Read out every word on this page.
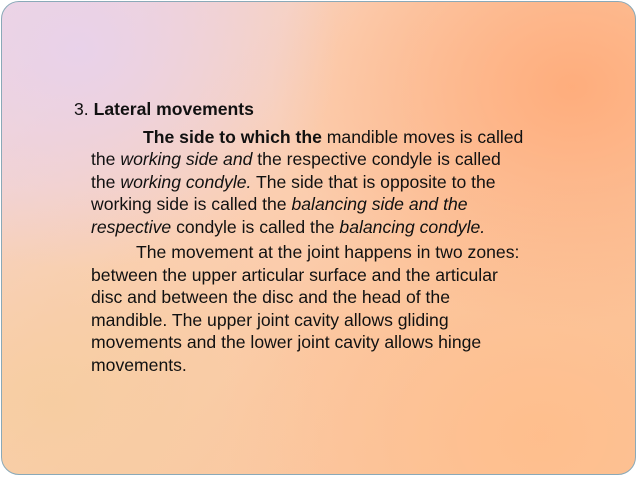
3. Lateral movements

The side to which the mandible moves is called
the working side and the respective condyle is called
the working condyle. The side that is opposite to the
working side is called the balancing side and the
respective condyle is called the balancing condyle.

The movement at the joint happens in two zones:
between the upper articular surface and the articular
disc and between the disc and the head of the
mandible. The upper joint cavity allows gliding
movements and the lower joint cavity allows hinge
movements.
